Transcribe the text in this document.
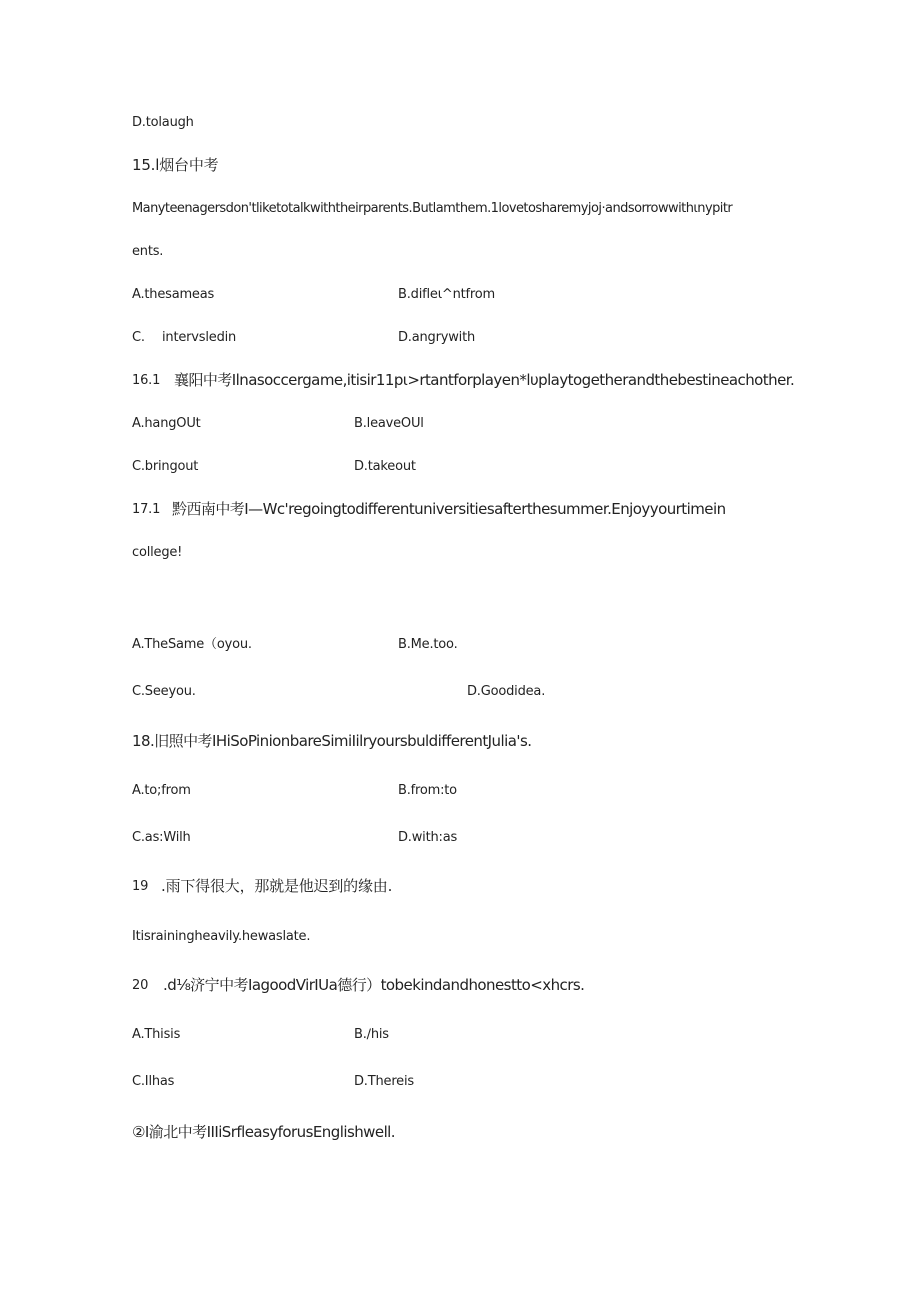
D.tolaugh
15.l烟台中考
Manyteenagersdon'tliketotalkwiththeirparents.Butlamthem.1lovetosharemyjoj·andsorrowwithιnypitr
ents.
A.thesameas	B.difleι^ntfrom
C. intervsledin	D.angrywith
16.1 襄阳中考Ilnasoccergame,itisir11pι>rtantforplayen*lυplaytogetherandthebestineachother.
A.hangOUt	B.leaveOUl
C.bringout	D.takeout
17.1 黔西南中考I—Wc'regoingtodifferentuniversitiesafterthesummer.Enjoyyourtimein
college!
A.TheSame（oyou.	B.Me.too.
C.Seeyou.	D.Goodidea.
18.旧照中考IHiSoPinionbareSimiIilryoursbuldifferentJulia's.
A.to;from	B.from:to
C.as:Wilh	D.with:as
19 .雨下得很大，那就是他迟到的缘由.
Itisrainingheavily.hewaslate.
20 .d⅛济宁中考IagoodVirIUa德行）tobekindandhonestto<xhcrs.
A.Thisis	B.∕his
C.Ilhas	D.Thereis
②I渝北中考IIIiSrfleasyforusEnglishwell.
